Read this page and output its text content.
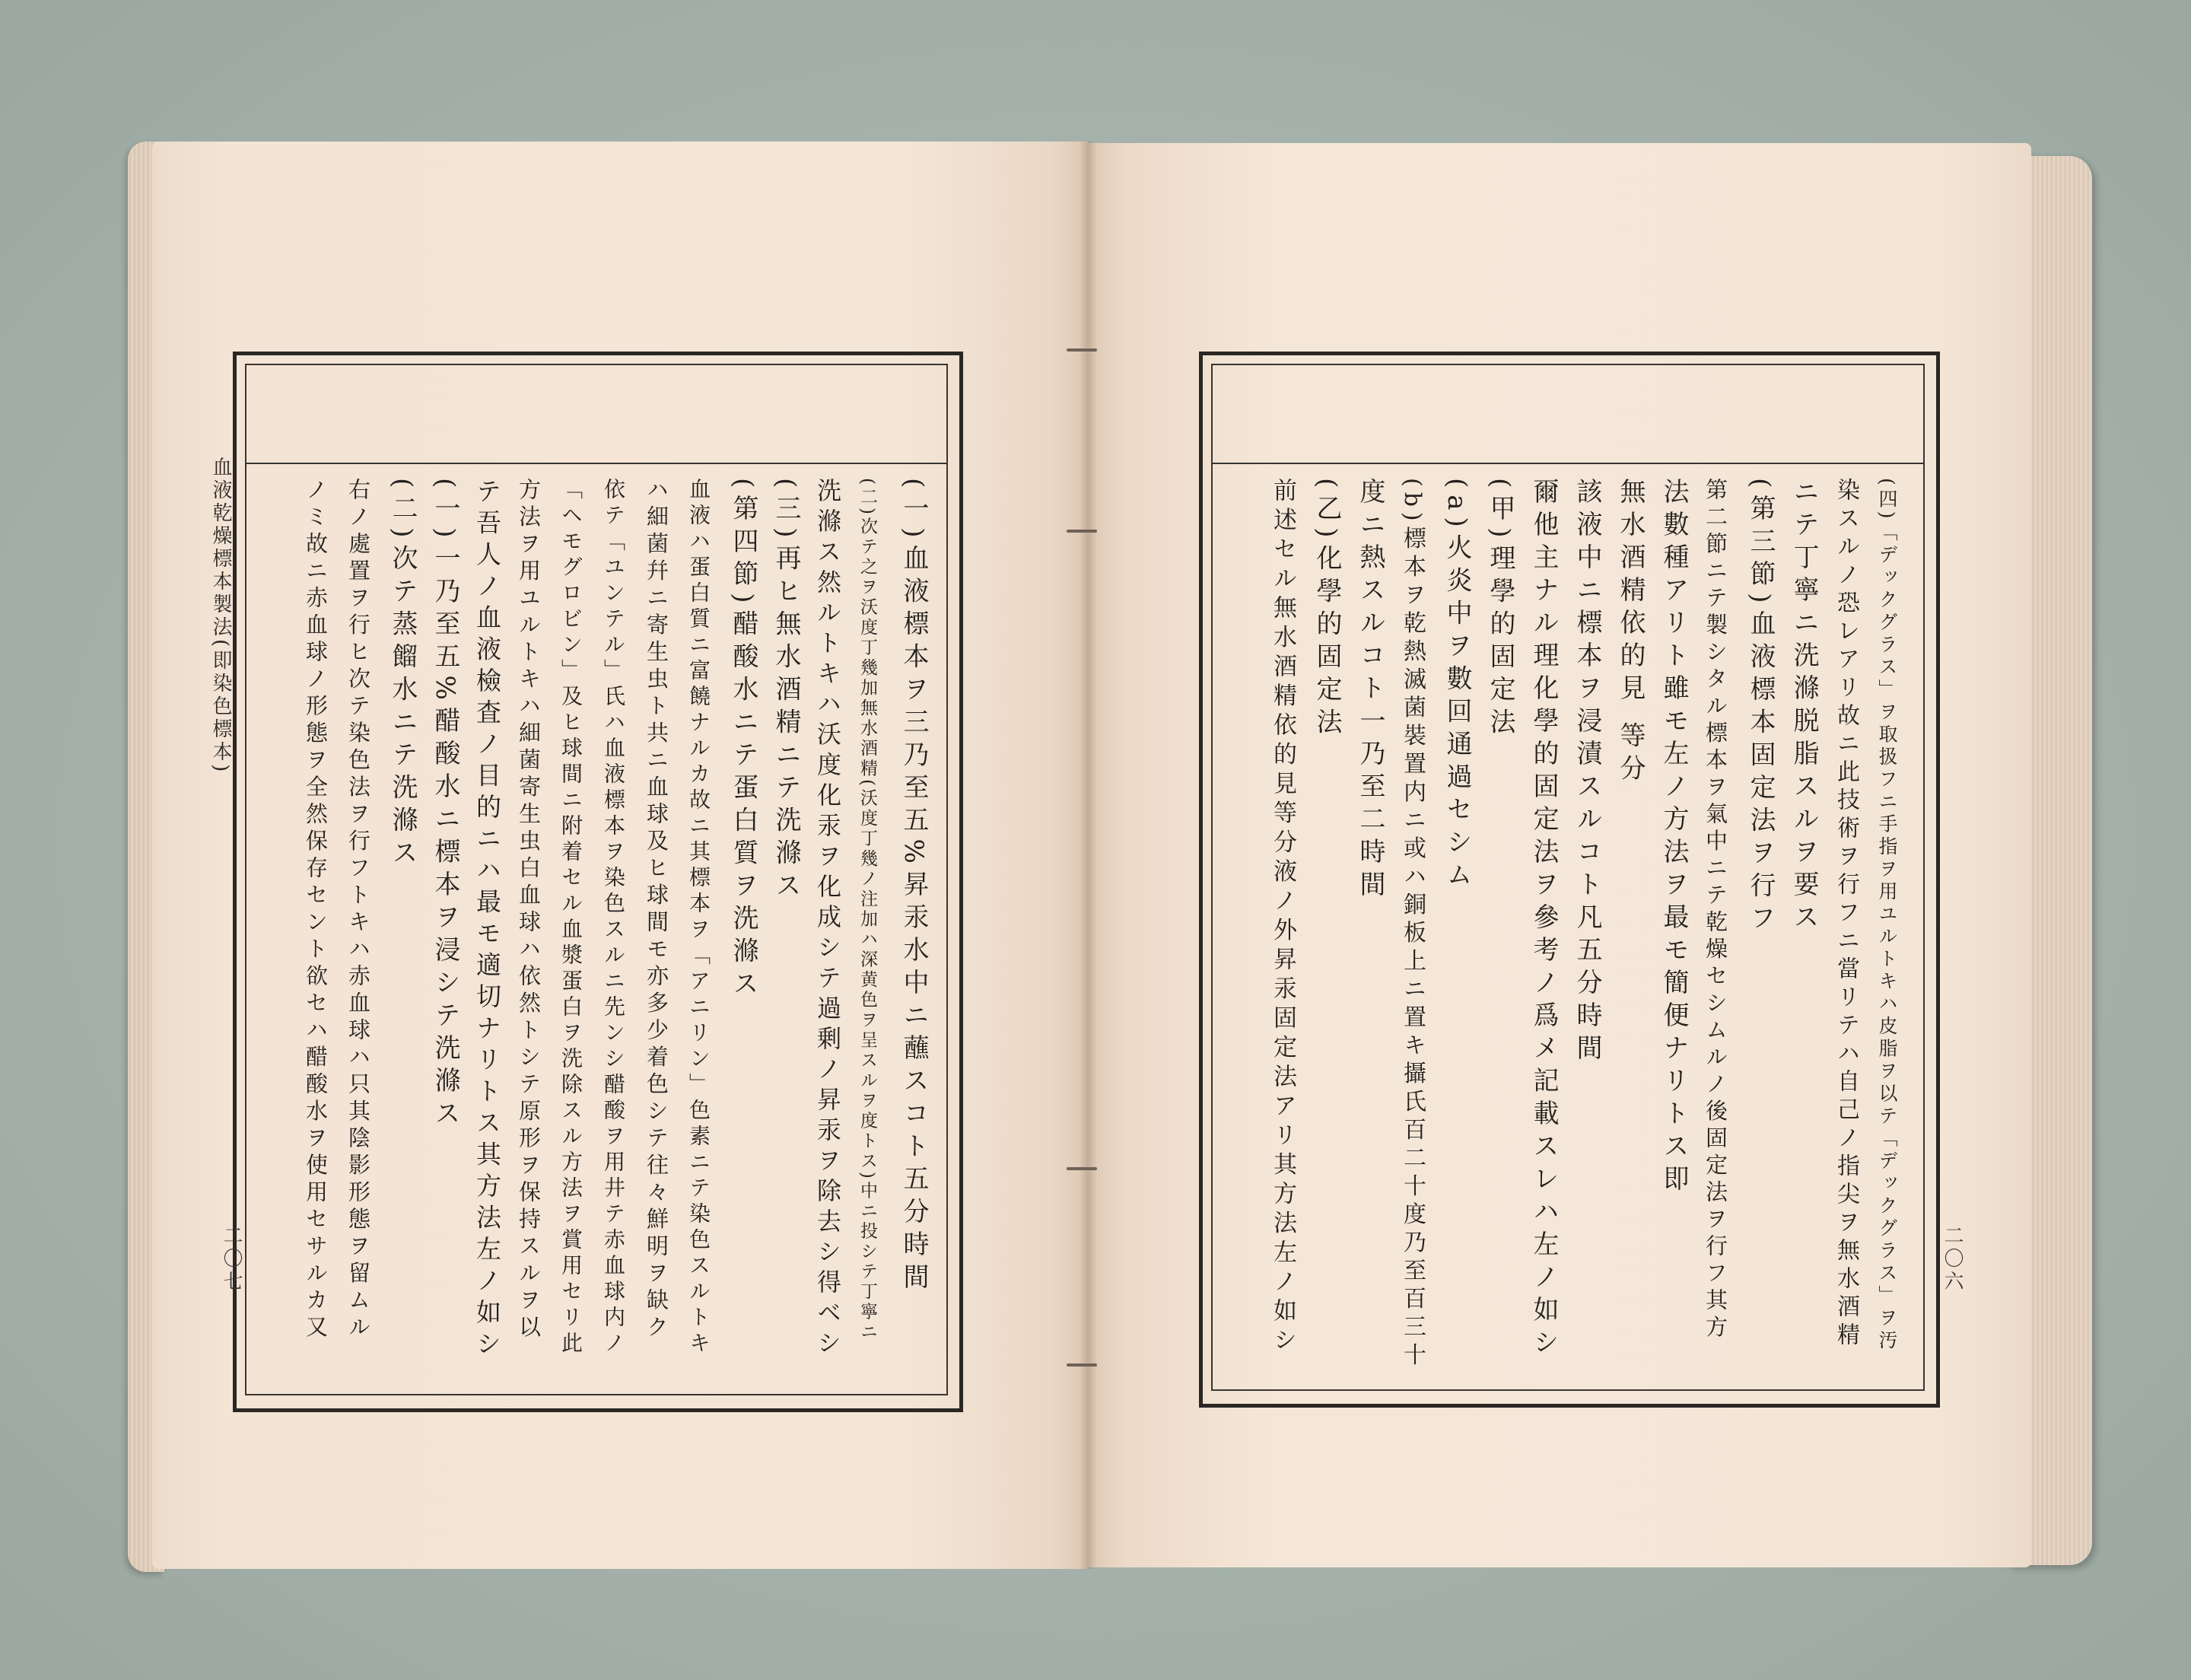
血液乾燥標本製法(即染色標本)
二〇七	(一)血液標本ヲ三乃至五%昇汞水中ニ蘸スコト五分時間
(二)次テ之ヲ沃度丁幾加無水酒精(沃度丁幾ノ注加ハ深黄色ヲ呈スルヲ度トス)中ニ投シテ丁寧ニ
洗滌ス然ルトキハ沃度化汞ヲ化成シテ過剰ノ昇汞ヲ除去シ得ベシ
(三)再ヒ無水酒精ニテ洗滌ス
(第四節)醋酸水ニテ蛋白質ヲ洗滌ス
血液ハ蛋白質ニ富饒ナルカ故ニ其標本ヲ「アニリン」色素ニテ染色スルトキ
ハ細菌幷ニ寄生虫ト共ニ血球及ヒ球間モ亦多少着色シテ往々鮮明ヲ缺ク
依テ「ユンテル」氏ハ血液標本ヲ染色スルニ先ンシ醋酸ヲ用井テ赤血球内ノ
「ヘモグロビン」及ヒ球間ニ附着セル血漿蛋白ヲ洗除スル方法ヲ賞用セリ此
方法ヲ用ユルトキハ細菌寄生虫白血球ハ依然トシテ原形ヲ保持スルヲ以
テ吾人ノ血液檢査ノ目的ニハ最モ適切ナリトス其方法左ノ如シ
(一)一乃至五%醋酸水ニ標本ヲ浸シテ洗滌ス
(二)次テ蒸餾水ニテ洗滌ス
右ノ處置ヲ行ヒ次テ染色法ヲ行フトキハ赤血球ハ只其陰影形態ヲ留ムル
ノミ故ニ赤血球ノ形態ヲ全然保存セント欲セハ醋酸水ヲ使用セサルカ又	二〇六
(四)「デックグラス」ヲ取扱フニ手指ヲ用ユルトキハ皮脂ヲ以テ「デックグラス」ヲ汚
染スルノ恐レアリ故ニ此技術ヲ行フニ當リテハ自己ノ指尖ヲ無水酒精
ニテ丁寧ニ洗滌脱脂スルヲ要ス
(第三節)血液標本固定法ヲ行フ
第二節ニテ製シタル標本ヲ氣中ニテ乾燥セシムルノ後固定法ヲ行フ其方
法數種アリト雖モ左ノ方法ヲ最モ簡便ナリトス即
無水酒精依的見 等分
該液中ニ標本ヲ浸漬スルコト凡五分時間
爾他主ナル理化學的固定法ヲ參考ノ爲メ記載スレハ左ノ如シ
(甲)理學的固定法
(a)火炎中ヲ數回通過セシム
(b)標本ヲ乾熱滅菌裝置内ニ或ハ銅板上ニ置キ攝氏百二十度乃至百三十
度ニ熱スルコト一乃至二時間
(乙)化學的固定法
前述セル無水酒精依的見等分液ノ外昇汞固定法アリ其方法左ノ如シ
